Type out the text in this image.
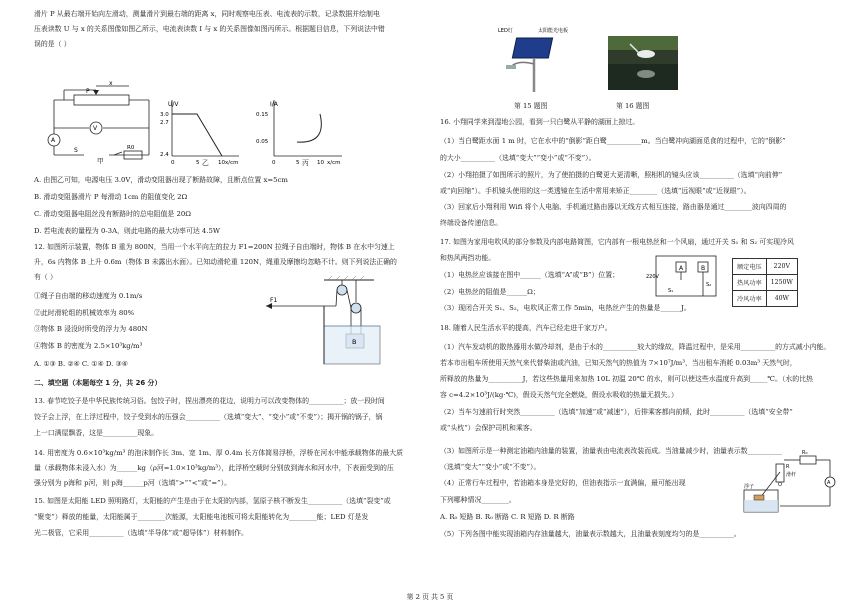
滑片 P 从最右端开始向左滑动，测量滑片到最右端的距离 x，同时观察电压表、电流表的示数，记录数据并绘制电
压表读数 U 与 x 的关系图像如图乙所示，电流表读数 I 与 x 的关系图像如图丙所示。根据题目信息，下列说法中错
误的是（ ）
x
P
V
A
S	R0
甲
U/V
3.0
2.7
2.4
0	5	10 x/cm
乙
I/A
0.15
0.05
0	5	10 x/cm
丙
A. 由图乙可知，电源电压 3.0V，滑动变阻器出现了断路故障，且断点位置 x=5cm
B. 滑动变阻器滑片 P 每滑动 1cm 的阻值变化 2Ω
C. 滑动变阻器电阻丝没有断路时的总电阻值是 20Ω
D. 若电流表的量程为 0-3A，则此电路的最大功率可达 4.5W
12. 如图所示装置，物体 B 重为 800N，当用一个水平向左的拉力 F1=200N 拉绳子自由端时，物体 B 在水中匀速上
升，6s 内物体 B 上升 0.6m（物体 B 未露出水面）。已知动滑轮重 120N，绳重及摩擦均忽略不计。则下列说法正确的
有（ ）
①绳子自由端的移动速度为 0.1m/s
②此时滑轮组的机械效率为 80%
③物体 B 浸没时所受的浮力为 480N
④物体 B 的密度为 2.5×10³kg/m³
A. ①③ B. ②④ C. ①④ D. ③④
F1
B
二、填空题（本题每空 1 分，共 26 分）
13. 春节吃饺子是中华民族传统习俗。包饺子时，捏出漂亮的花边，说明力可以改变物体的__________；放一段时间
饺子会上浮，在上浮过程中，饺子受到水的压强会__________（选填“变大”、“变小”或“不变”）；揭开锅的锅子，锅
上一口满屋飘香，这是__________现象。
14. 用密度为 0.6×10³kg/m³ 的泡沫制作长 3m、宽 1m、厚 0.4m 长方体简易浮桥，浮桥在河水中能承载物体的最大质
量（承载物体未浸入水）为______kg（ρ河=1.0×10³kg/m³），此浮桥空载时分别放到海水和河水中，下表面受到的压
强分别为 p海和 p河，则 p海______p河（选填“>”“<”或“=”）。
15. 如图是太阳能 LED 照明路灯，太阳能的产生是由于在太阳的内部，氢原子核不断发生__________（选填“裂变”或
“聚变”）释放的能量，太阳能属于________次能源，太阳能电池板可将太阳能转化为________能；LED 灯是发
光二极管，它采用__________（选填“半导体”或“超导体”）材料制作。
LED灯	太阳能光电板
第 15 题图	第 16 题图
16. 小翔同学来到湿地公园，看到一只白鹭从平静的湖面上掠过。
（1）当白鹭距水面 1 m 时，它在水中的“倒影”距白鹭__________m。当白鹭冲向湖面觅食的过程中，它的“倒影”
的大小__________（选填“变大”“变小”或“不变”）。
（2）小翔拍摄了如图所示的照片，为了使拍摄的白鹭更大更清晰，照相机的镜头应该__________（选填“向前伸”
或“向回缩”）。手机镜头使用的这一类透镜在生活中常用来矫正________（选填“远视眼”或“近视眼”）。
（3）回家后小翔利用 Wifi 将个人电脑、手机通过路由器以无线方式相互连接，路由器是通过________波向四周的
终端设备传递信息。
17. 如图为家用电吹风的部分参数及内部电路简图，它内部有一根电热丝和一个风扇，通过开关 S₁ 和 S₂ 可实现冷风
和热风两挡功能。
（1）电热丝应该接在图中______（选填“A”或“B”）位置；
（2）电热丝的阻值是______Ω；
（3）现闭合开关 S₁、S₂，电吹风正常工作 5min，电热丝产生的热量是______J。
220V
A	B
S₁
S₂
额定电压	220V
热风功率	1250W
冷风功率	40W
18. 随着人民生活水平的提高，汽车已经走进千家万户。
（1）汽车发动机的散热器用水做冷却剂，是由于水的__________较大的缘故，降温过程中，是采用__________的方式减小内能。
若本市出租车所使用天然气来代替柴油或汽油，已知天然气的热值为 7×10⁷J/m³，当出租车消耗 0.03m³ 天然气时，
所释放的热量为__________J，若这些热量用来加热 10L 初温 20℃ 的水，则可以使这些水温度升高到_____℃。（水的比热
容 c=4.2×10³J/(kg·℃)，假设天然气完全燃烧，假设水吸收的热量无损失。）
（2）当车匀速前行时突然__________（选填“加速”或“减速”），后排乘客都向前倾，此时__________（选填“安全带”
或“头枕”）会保护司机和乘客。
（3）如图所示是一种测定油箱内油量的装置，油量表由电流表改装而成。当油量减少时，油量表示数__________
（选填“变大”“变小”或“不变”）。
（4）正常行车过程中，若油箱本身是完好的，但油表指示一直满偏，最可能出现
下列哪种情况________。
A. R₀ 短路 B. R₀ 断路 C. R 短路 D. R 断路
（5）下列各图中能实现油箱内存油量越大，油量表示数越大，且油量表刻度均匀的是__________。
浮子
滑杆
R₀
R
A
O
第 2 页 共 5 页
